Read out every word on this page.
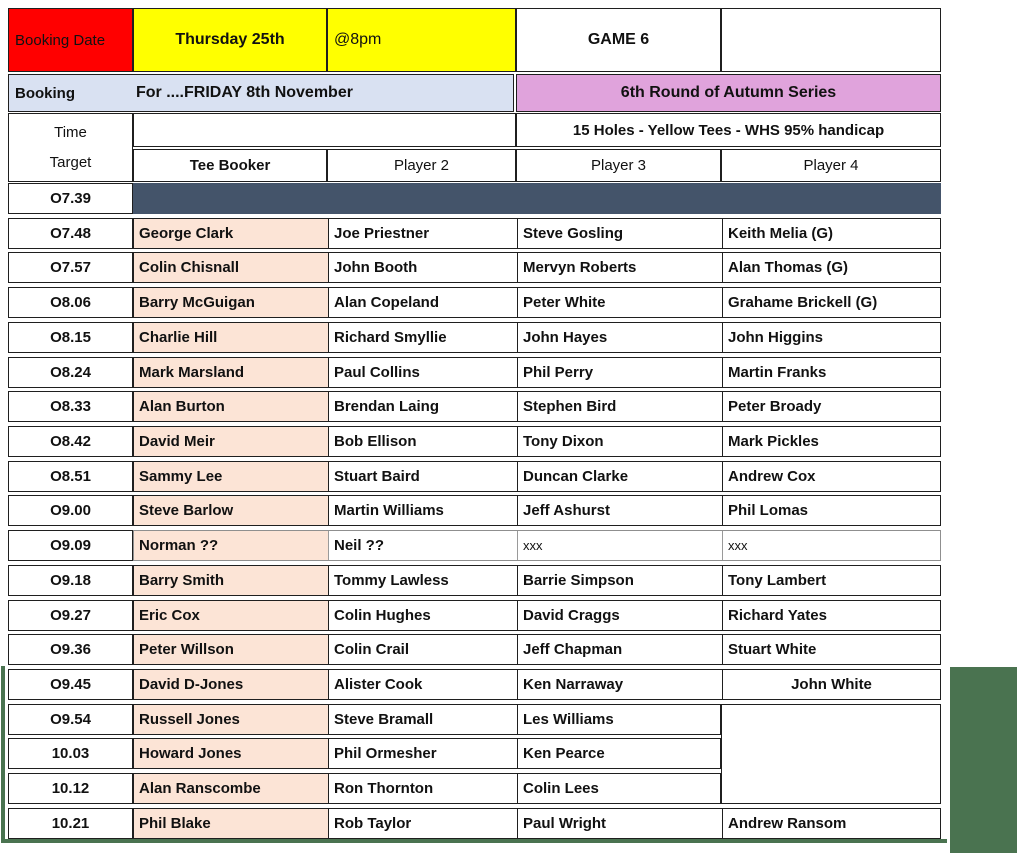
Booking Date	Thursday 25th	@8pm	GAME 6
Booking	For ....FRIDAY 8th November	6th Round of Autumn Series
Time
Target
15 Holes - Yellow Tees - WHS 95% handicap
Tee Booker	Player 2	Player 3	Player 4
O7.39
O7.48	George Clark	Joe Priestner	Steve Gosling	Keith Melia (G)
O7.57	Colin Chisnall	John Booth	Mervyn Roberts	Alan Thomas (G)
O8.06	Barry McGuigan	Alan Copeland	Peter White	Grahame Brickell (G)
O8.15	Charlie Hill	Richard Smyllie	John Hayes	John Higgins
O8.24	Mark Marsland	Paul Collins	Phil Perry	Martin Franks
O8.33	Alan Burton	Brendan Laing	Stephen Bird	Peter Broady
O8.42	David Meir	Bob Ellison	Tony Dixon	Mark Pickles
O8.51	Sammy Lee	Stuart Baird	Duncan Clarke	Andrew Cox
O9.00	Steve Barlow	Martin Williams	Jeff Ashurst	Phil Lomas
O9.09	Norman ??	Neil ??	xxx	xxx
O9.18	Barry Smith	Tommy Lawless	Barrie Simpson	Tony Lambert
O9.27	Eric Cox	Colin Hughes	David Craggs	Richard Yates
O9.36	Peter Willson	Colin Crail	Jeff Chapman	Stuart White
O9.45	David D-Jones	Alister Cook	Ken Narraway	John White
O9.54	Russell Jones	Steve Bramall	Les Williams
10.03	Howard Jones	Phil Ormesher	Ken Pearce
10.12	Alan Ranscombe	Ron Thornton	Colin Lees
10.21	Phil Blake	Rob Taylor	Paul Wright	Andrew Ransom
